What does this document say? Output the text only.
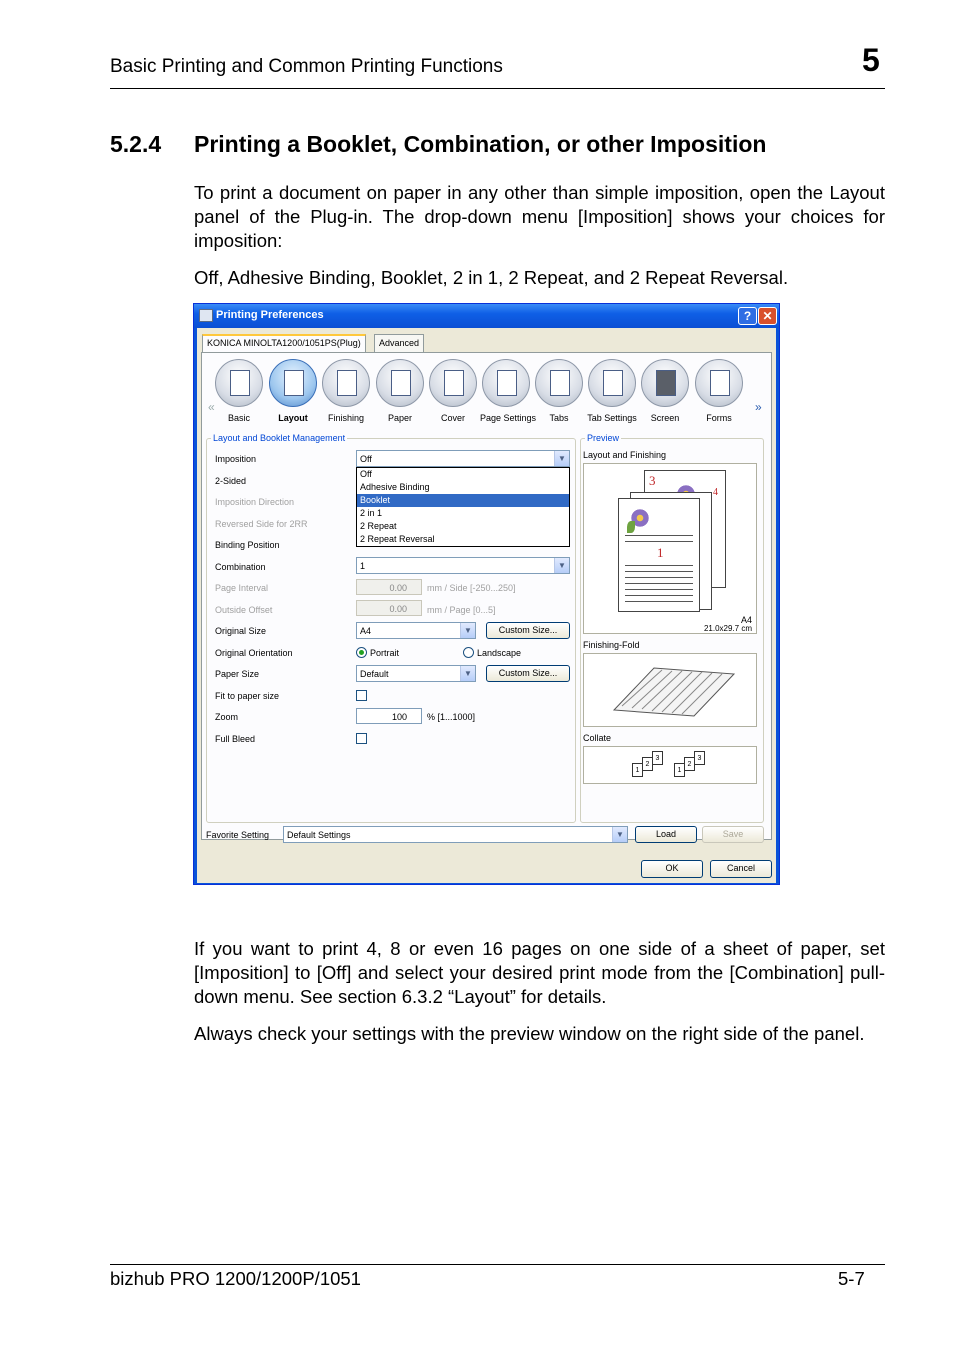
Basic Printing and Common Printing Functions	5
5.2.4 Printing a Booklet, Combination, or other Imposition
To print a document on paper in any other than simple imposition, open the Layout panel of the Plug-in. The drop-down menu [Imposition] shows your choices for imposition:
Off, Adhesive Binding, Booklet, 2 in 1, 2 Repeat, and 2 Repeat Reversal.
Printing Preferences	? ✕
KONICA MINOLTA1200/1051PS(Plug)	Advanced
«	»
Basic	Layout	Finishing	Paper	Cover	Page Settings	Tabs	Tab Settings	Screen	Forms
Layout and Booklet Management
Imposition	Off	▼
Off
Adhesive Binding
Booklet
2 in 1
2 Repeat
2 Repeat Reversal
2-Sided
Imposition Direction
Reversed Side for 2RR
Binding Position
Combination	1	▼
Page Interval	0.00	mm / Side [-250...250]
Outside Offset	0.00	mm / Page [0...5]
Original Size	A4	▼	Custom Size...
Original Orientation	Portrait	Landscape
Paper Size	Default	▼	Custom Size...
Fit to paper size
Zoom	100	% [1...1000]
Full Bleed
Preview
Layout and Finishing
3
4
1
A4
21.0x29.7 cm
Finishing-Fold
Collate
3
2
1
3
2
1
Favorite Setting	Default Settings	▼	Load	Save
OK	Cancel
If you want to print 4, 8 or even 16 pages on one side of a sheet of paper, set [Imposition] to [Off] and select your desired print mode from the [Combination] pull-down menu. See section 6.3.2 “Layout” for details.
Always check your settings with the preview window on the right side of the panel.
bizhub PRO 1200/1200P/1051	5-7
